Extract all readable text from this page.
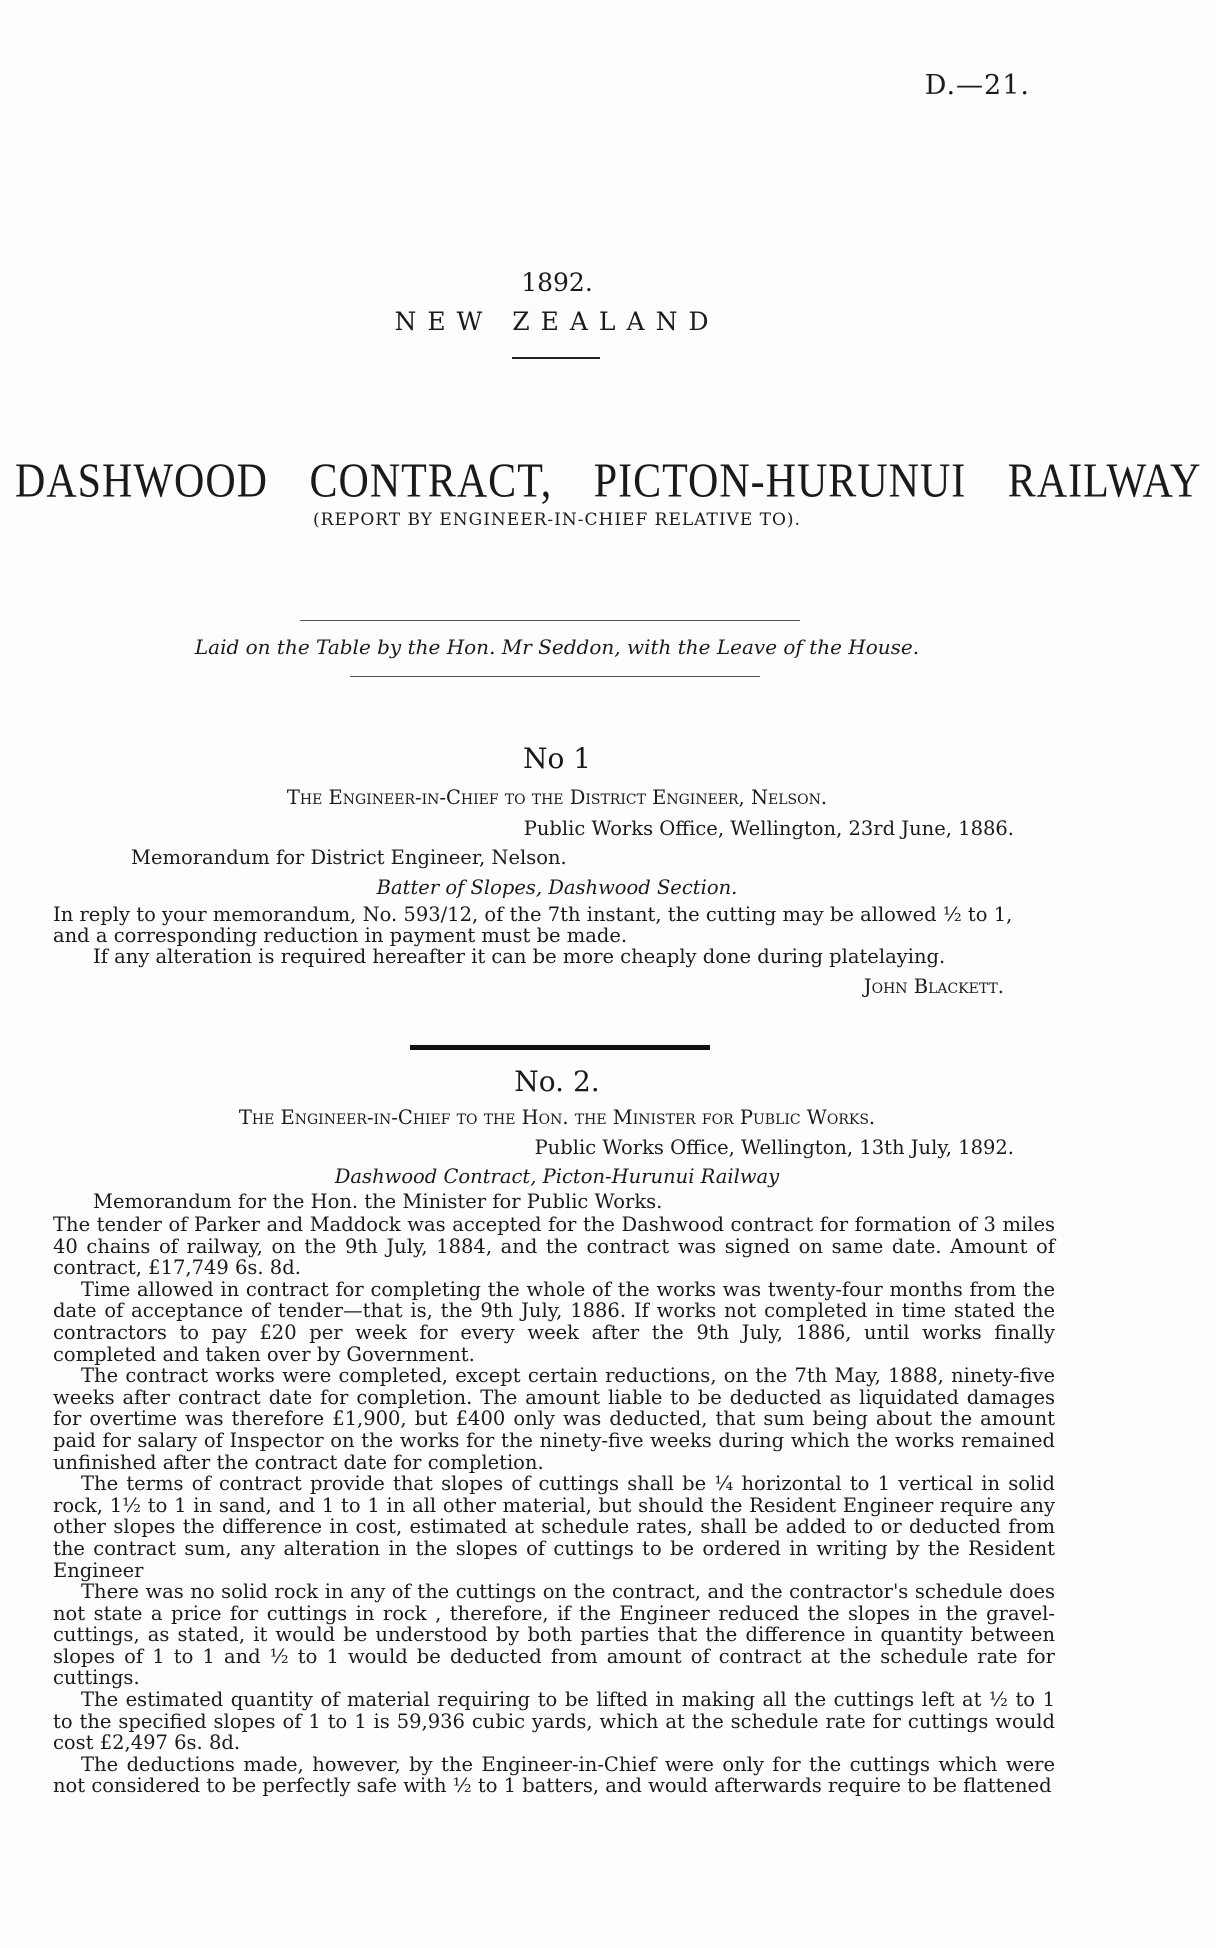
D.—21.
1892.
NEW ZEALAND
DASHWOOD CONTRACT, PICTON-HURUNUI RAILWAY
(REPORT BY ENGINEER-IN-CHIEF RELATIVE TO).
Laid on the Table by the Hon. Mr Seddon, with the Leave of the House.
No 1
The Engineer-in-Chief to the District Engineer, Nelson.
Public Works Office, Wellington, 23rd June, 1886.
Memorandum for District Engineer, Nelson.
Batter of Slopes, Dashwood Section.
In reply to your memorandum, No. 593/12, of the 7th instant, the cutting may be allowed ½ to 1,
and a corresponding reduction in payment must be made.
If any alteration is required hereafter it can be more cheaply done during platelaying.
John Blackett.
No. 2.
The Engineer-in-Chief to the Hon. the Minister for Public Works.
Public Works Office, Wellington, 13th July, 1892.
Dashwood Contract, Picton-Hurunui Railway
Memorandum for the Hon. the Minister for Public Works.

The tender of Parker and Maddock was accepted for the Dashwood contract for formation of 3 miles 40 chains of railway, on the 9th July, 1884, and the contract was signed on same date. Amount of contract, £17,749 6s. 8d.

Time allowed in contract for completing the whole of the works was twenty-four months from the date of acceptance of tender—that is, the 9th July, 1886. If works not completed in time stated the contractors to pay £20 per week for every week after the 9th July, 1886, until works finally completed and taken over by Government.

The contract works were completed, except certain reductions, on the 7th May, 1888, ninety-five weeks after contract date for completion. The amount liable to be deducted as liquidated damages for overtime was therefore £1,900, but £400 only was deducted, that sum being about the amount paid for salary of Inspector on the works for the ninety-five weeks during which the works remained unfinished after the contract date for completion.

The terms of contract provide that slopes of cuttings shall be ¼ horizontal to 1 vertical in solid rock, 1½ to 1 in sand, and 1 to 1 in all other material, but should the Resident Engineer require any other slopes the difference in cost, estimated at schedule rates, shall be added to or deducted from the contract sum, any alteration in the slopes of cuttings to be ordered in writing by the Resident Engineer

There was no solid rock in any of the cuttings on the contract, and the contractor's schedule does not state a price for cuttings in rock , therefore, if the Engineer reduced the slopes in the gravel-cuttings, as stated, it would be understood by both parties that the difference in quantity between slopes of 1 to 1 and ½ to 1 would be deducted from amount of contract at the schedule rate for cuttings.

The estimated quantity of material requiring to be lifted in making all the cuttings left at ½ to 1 to the specified slopes of 1 to 1 is 59,936 cubic yards, which at the schedule rate for cuttings would cost £2,497 6s. 8d.

The deductions made, however, by the Engineer-in-Chief were only for the cuttings which were not considered to be perfectly safe with ½ to 1 batters, and would afterwards require to be flattened
